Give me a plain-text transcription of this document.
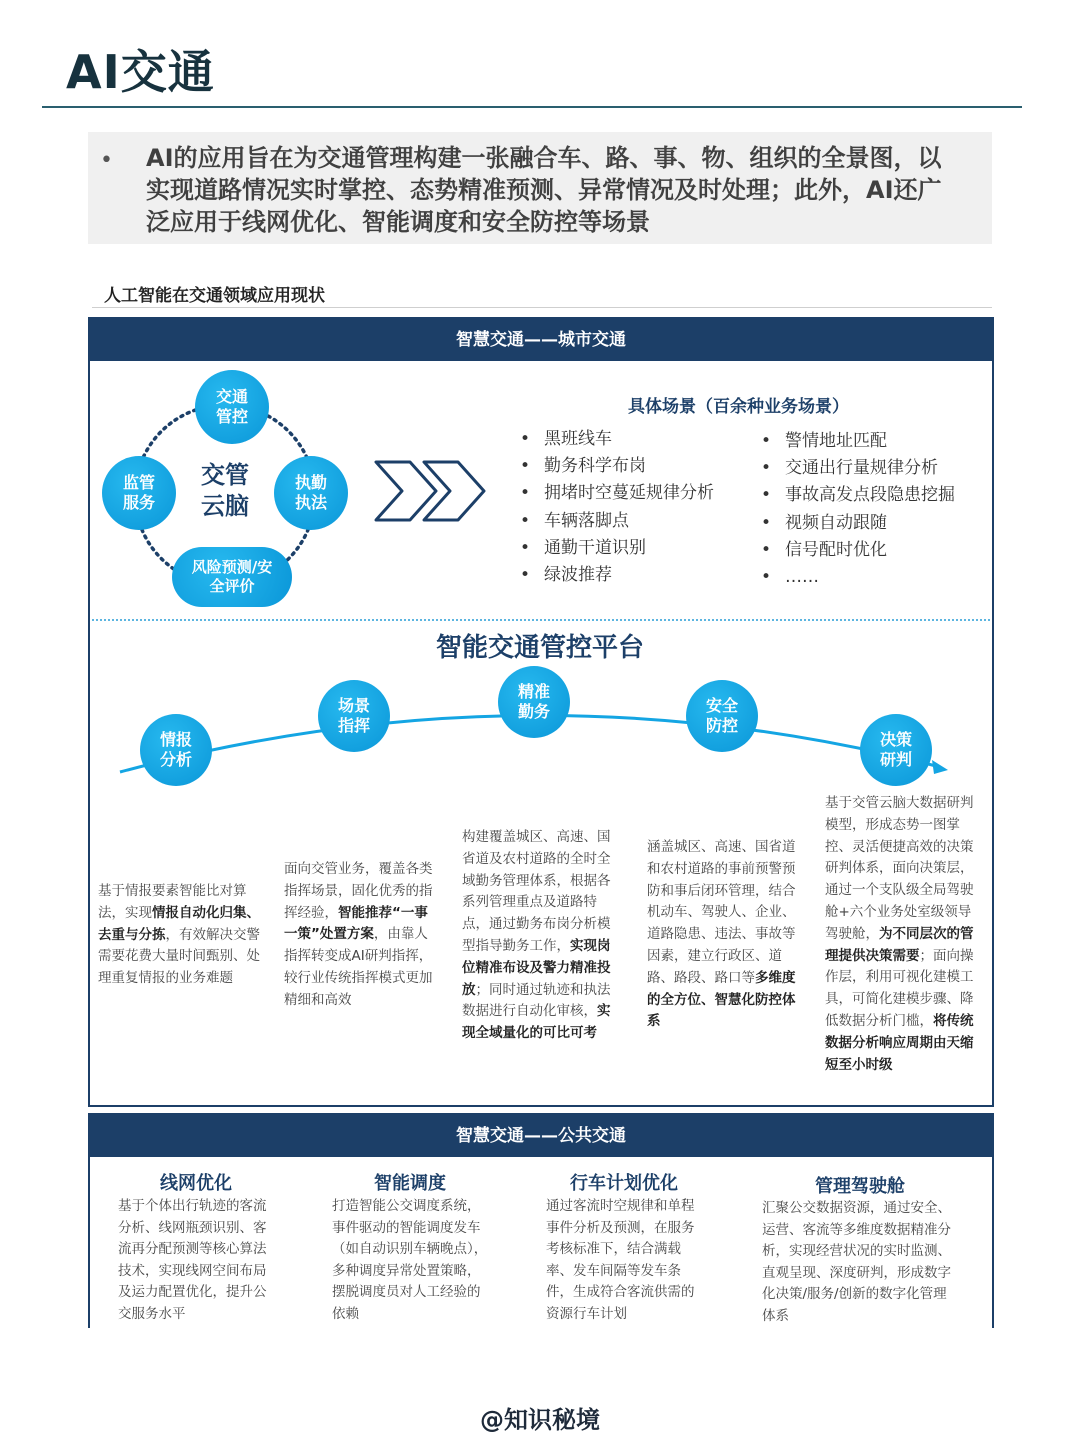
AI交通
• AI的应用旨在为交通管理构建一张融合车、路、事、物、组织的全景图，以实现道路情况实时掌控、态势精准预测、异常情况及时处理；此外，AI还广泛应用于线网优化、智能调度和安全防控等场景
人工智能在交通领域应用现状
智慧交通——城市交通
交通管控
监管服务
执勤执法
风险预测/安全评价
交管云脑
具体场景（百余种业务场景）
• 黑班线车
• 勤务科学布岗
• 拥堵时空蔓延规律分析
• 车辆落脚点
• 通勤干道识别
• 绿波推荐
• 警情地址匹配
• 交通出行量规律分析
• 事故高发点段隐患挖掘
• 视频自动跟随
• 信号配时优化
• ……
智能交通管控平台
情报分析
场景指挥
精准勤务	安全防控
决策研判
基于情报要素智能比对算法，实现情报自动化归集、去重与分拣，有效解决交警需要花费大量时间甄别、处理重复情报的业务难题
面向交管业务，覆盖各类指挥场景，固化优秀的指挥经验，智能推荐“一事一策”处置方案，由靠人指挥转变成AI研判指挥，较行业传统指挥模式更加精细和高效
构建覆盖城区、高速、国省道及农村道路的全时全域勤务管理体系，根据各系列管理重点及道路特点，通过勤务布岗分析模型指导勤务工作，实现岗位精准布设及警力精准投放；同时通过轨迹和执法数据进行自动化审核，实现全域量化的可比可考
涵盖城区、高速、国省道和农村道路的事前预警预防和事后闭环管理，结合机动车、驾驶人、企业、道路隐患、违法、事故等因素，建立行政区、道路、路段、路口等多维度的全方位、智慧化防控体系
基于交管云脑大数据研判模型，形成态势一图掌控、灵活便捷高效的决策研判体系，面向决策层，通过一个支队级全局驾驶舱+六个业务处室级领导驾驶舱，为不同层次的管理提供决策需要；面向操作层，利用可视化建模工具，可简化建模步骤、降低数据分析门槛，将传统数据分析响应周期由天缩短至小时级
智慧交通——公共交通
线网优化
基于个体出行轨迹的客流分析、线网瓶颈识别、客流再分配预测等核心算法技术，实现线网空间布局及运力配置优化，提升公交服务水平
智能调度
打造智能公交调度系统，事件驱动的智能调度发车（如自动识别车辆晚点），多种调度异常处置策略，摆脱调度员对人工经验的依赖
行车计划优化
通过客流时空规律和单程事件分析及预测，在服务考核标准下，结合满载率、发车间隔等发车条件，生成符合客流供需的资源行车计划
管理驾驶舱
汇聚公交数据资源，通过安全、运营、客流等多维度数据精准分析，实现经营状况的实时监测、直观呈现、深度研判，形成数字化决策/服务/创新的数字化管理体系
@知识秘境
